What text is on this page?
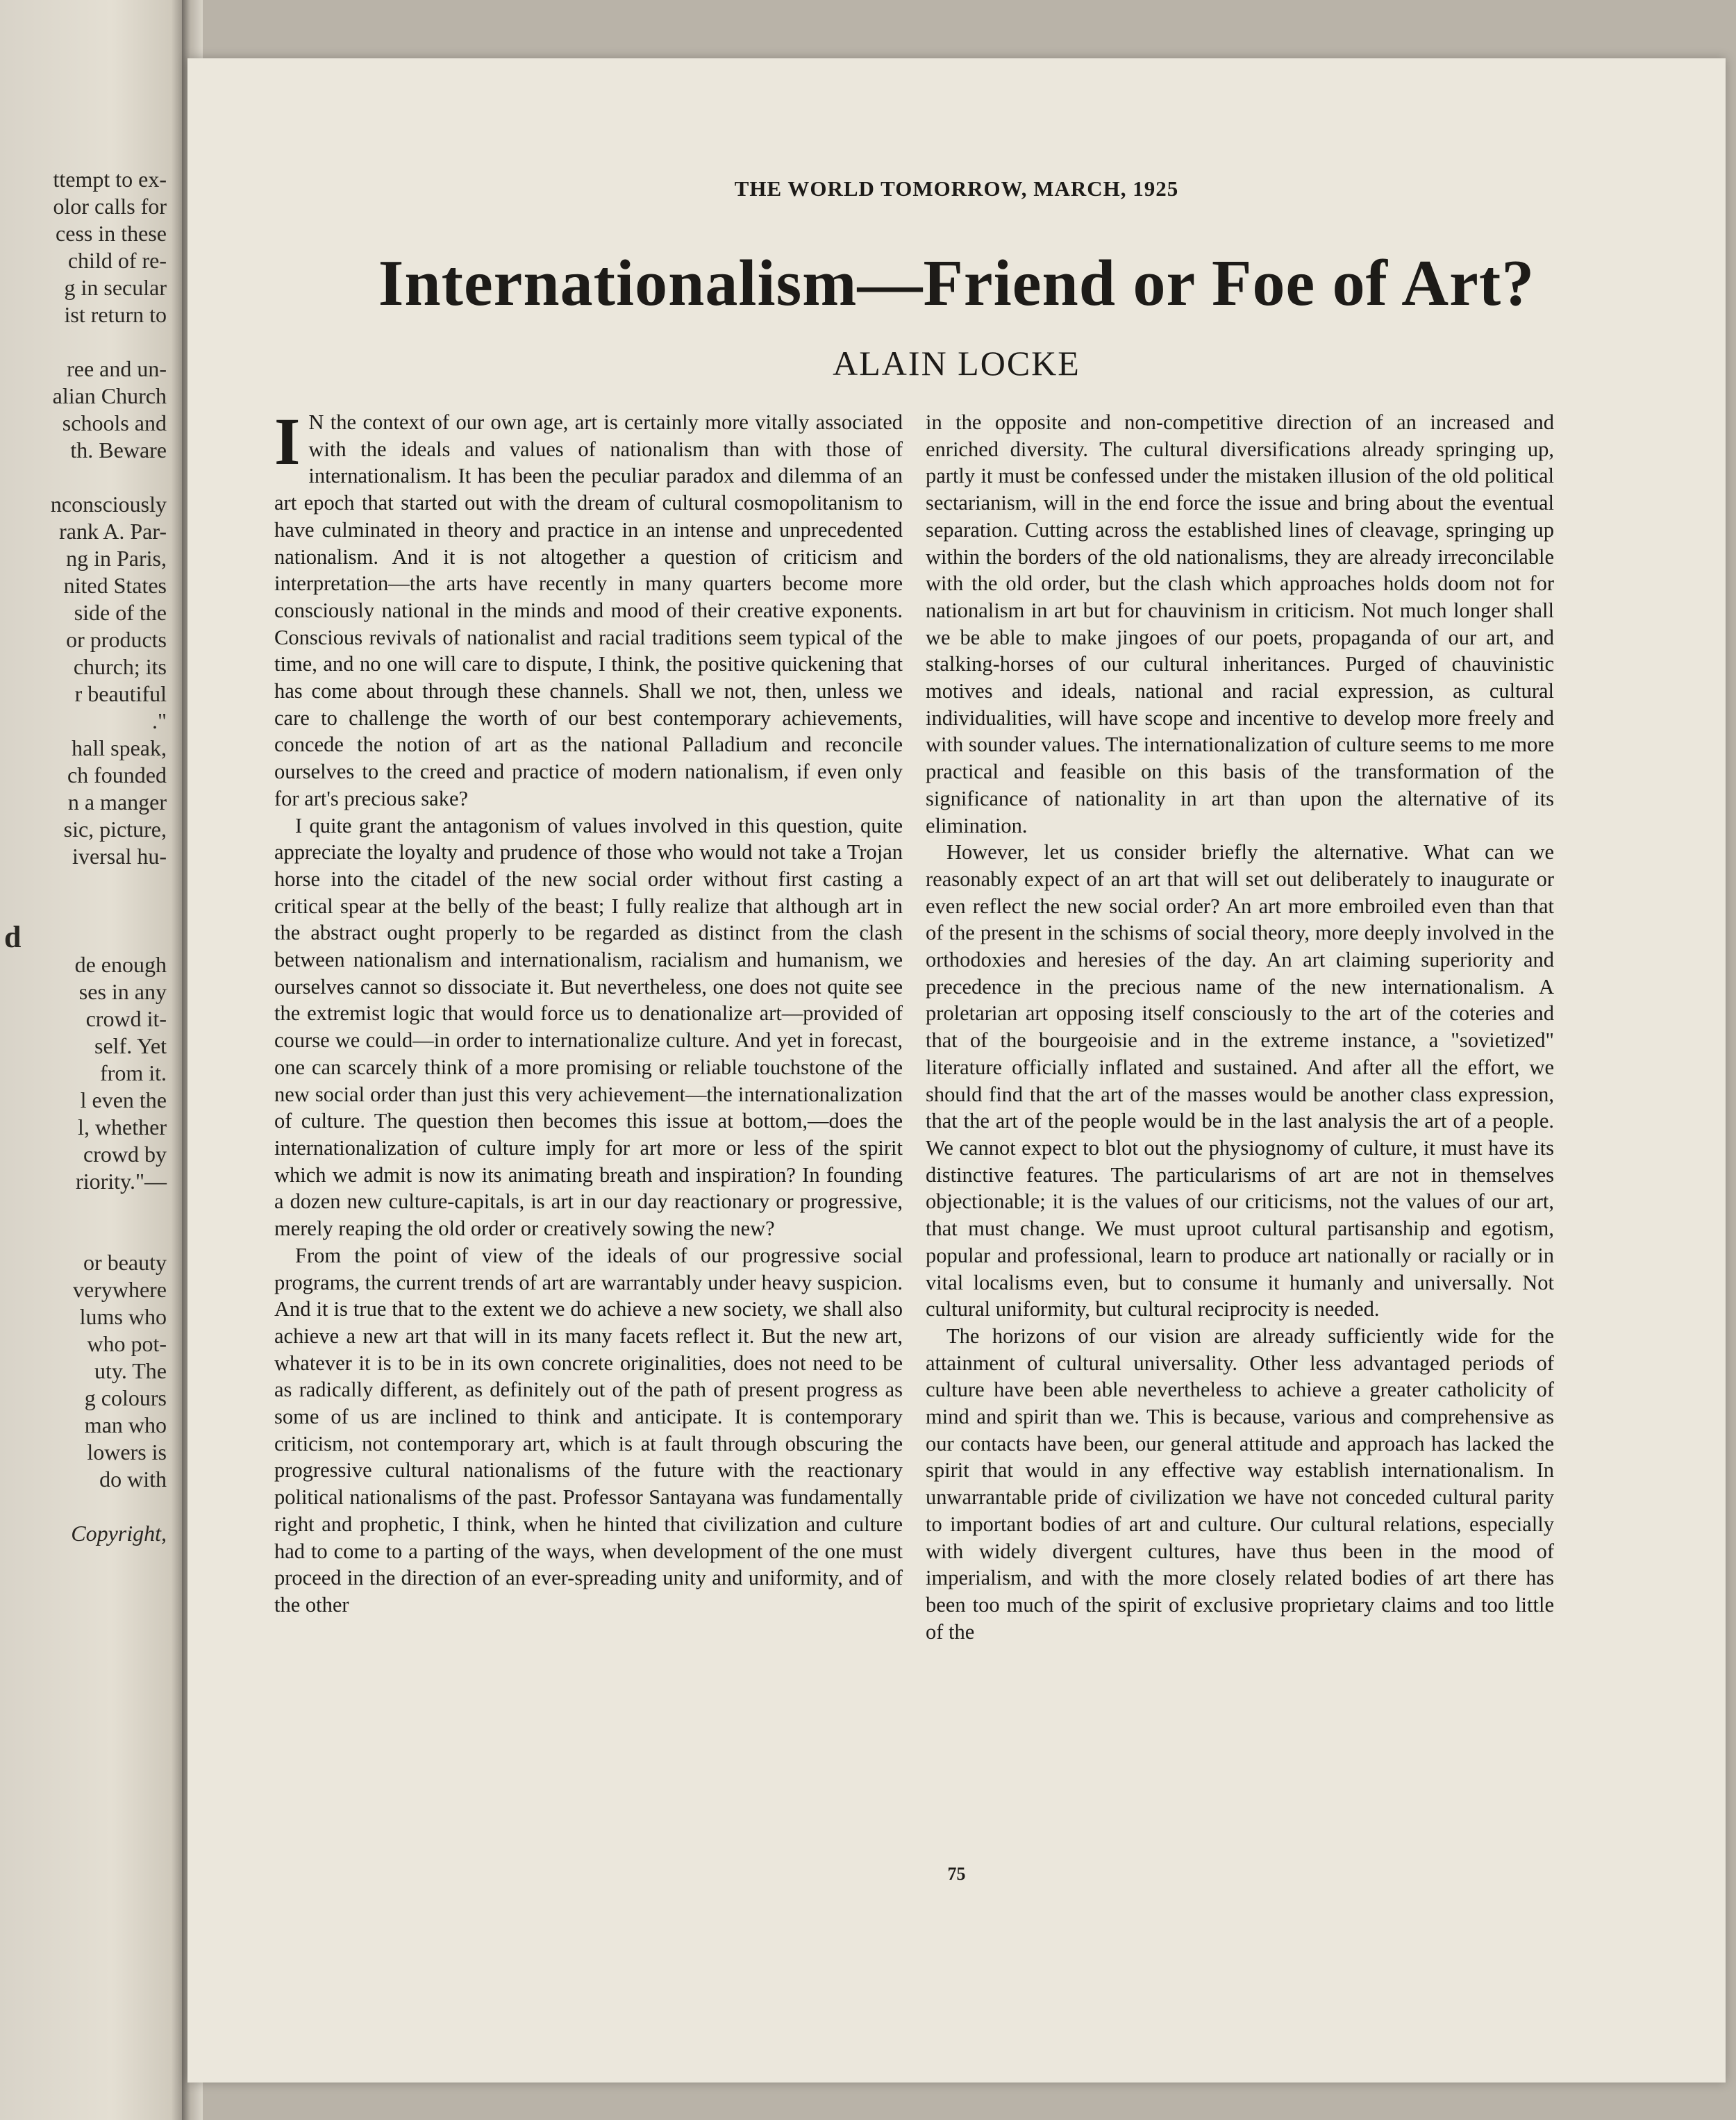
ttempt to ex-
olor calls for
cess in these
child of re-
g in secular
ist return to
ree and un-
alian Church
schools and
th. Beware
nconsciously
rank A. Par-
ng in Paris,
nited States
side of the
or products
church; its
r beautiful
."
hall speak,
ch founded
n a manger
sic, picture,
iversal hu-
d
de enough
ses in any
crowd it-
self. Yet
from it.
l even the
l, whether
crowd by
riority."—
or beauty
verywhere
lums who
who pot-
uty. The
g colours
man who
lowers is
do with
Copyright,
THE WORLD TOMORROW, MARCH, 1925
Internationalism—Friend or Foe of Art?
ALAIN LOCKE

I N the context of our own age, art is certainly more vitally associated with the ideals and values of nationalism than with those of internationalism. It has been the peculiar paradox and dilemma of an art epoch that started out with the dream of cultural cosmopolitanism to have culminated in theory and practice in an intense and unprecedented nationalism. And it is not altogether a question of criticism and interpretation—the arts have recently in many quarters become more consciously national in the minds and mood of their creative exponents. Conscious revivals of nationalist and racial traditions seem typical of the time, and no one will care to dispute, I think, the positive quickening that has come about through these channels. Shall we not, then, unless we care to challenge the worth of our best contemporary achievements, concede the notion of art as the national Palladium and reconcile ourselves to the creed and practice of modern nationalism, if even only for art's precious sake?

I quite grant the antagonism of values involved in this question, quite appreciate the loyalty and prudence of those who would not take a Trojan horse into the citadel of the new social order without first casting a critical spear at the belly of the beast; I fully realize that although art in the abstract ought properly to be regarded as distinct from the clash between nationalism and internationalism, racialism and humanism, we ourselves cannot so dissociate it. But nevertheless, one does not quite see the extremist logic that would force us to denationalize art—provided of course we could—in order to internationalize culture. And yet in forecast, one can scarcely think of a more promising or reliable touchstone of the new social order than just this very achievement—the internationalization of culture. The question then becomes this issue at bottom,—does the internationalization of culture imply for art more or less of the spirit which we admit is now its animating breath and inspiration? In founding a dozen new culture-capitals, is art in our day reactionary or progressive, merely reaping the old order or creatively sowing the new?

From the point of view of the ideals of our progressive social programs, the current trends of art are warrantably under heavy suspicion. And it is true that to the extent we do achieve a new society, we shall also achieve a new art that will in its many facets reflect it. But the new art, whatever it is to be in its own concrete originalities, does not need to be as radically different, as definitely out of the path of present progress as some of us are inclined to think and anticipate. It is contemporary criticism, not contemporary art, which is at fault through obscuring the progressive cultural nationalisms of the future with the reactionary political nationalisms of the past. Professor Santayana was fundamentally right and prophetic, I think, when he hinted that civilization and culture had to come to a parting of the ways, when development of the one must proceed in the direction of an ever-spreading unity and uniformity, and of the other

in the opposite and non-competitive direction of an increased and enriched diversity. The cultural diversifications already springing up, partly it must be confessed under the mistaken illusion of the old political sectarianism, will in the end force the issue and bring about the eventual separation. Cutting across the established lines of cleavage, springing up within the borders of the old nationalisms, they are already irreconcilable with the old order, but the clash which approaches holds doom not for nationalism in art but for chauvinism in criticism. Not much longer shall we be able to make jingoes of our poets, propaganda of our art, and stalking-horses of our cultural inheritances. Purged of chauvinistic motives and ideals, national and racial expression, as cultural individualities, will have scope and incentive to develop more freely and with sounder values. The internationalization of culture seems to me more practical and feasible on this basis of the transformation of the significance of nationality in art than upon the alternative of its elimination.

However, let us consider briefly the alternative. What can we reasonably expect of an art that will set out deliberately to inaugurate or even reflect the new social order? An art more embroiled even than that of the present in the schisms of social theory, more deeply involved in the orthodoxies and heresies of the day. An art claiming superiority and precedence in the precious name of the new internationalism. A proletarian art opposing itself consciously to the art of the coteries and that of the bourgeoisie and in the extreme instance, a "sovietized" literature officially inflated and sustained. And after all the effort, we should find that the art of the masses would be another class expression, that the art of the people would be in the last analysis the art of a people. We cannot expect to blot out the physiognomy of culture, it must have its distinctive features. The particularisms of art are not in themselves objectionable; it is the values of our criticisms, not the values of our art, that must change. We must uproot cultural partisanship and egotism, popular and professional, learn to produce art nationally or racially or in vital localisms even, but to consume it humanly and universally. Not cultural uniformity, but cultural reciprocity is needed.

The horizons of our vision are already sufficiently wide for the attainment of cultural universality. Other less advantaged periods of culture have been able nevertheless to achieve a greater catholicity of mind and spirit than we. This is because, various and comprehensive as our contacts have been, our general attitude and approach has lacked the spirit that would in any effective way establish internationalism. In unwarrantable pride of civilization we have not conceded cultural parity to important bodies of art and culture. Our cultural relations, especially with widely divergent cultures, have thus been in the mood of imperialism, and with the more closely related bodies of art there has been too much of the spirit of exclusive proprietary claims and too little of the

75
